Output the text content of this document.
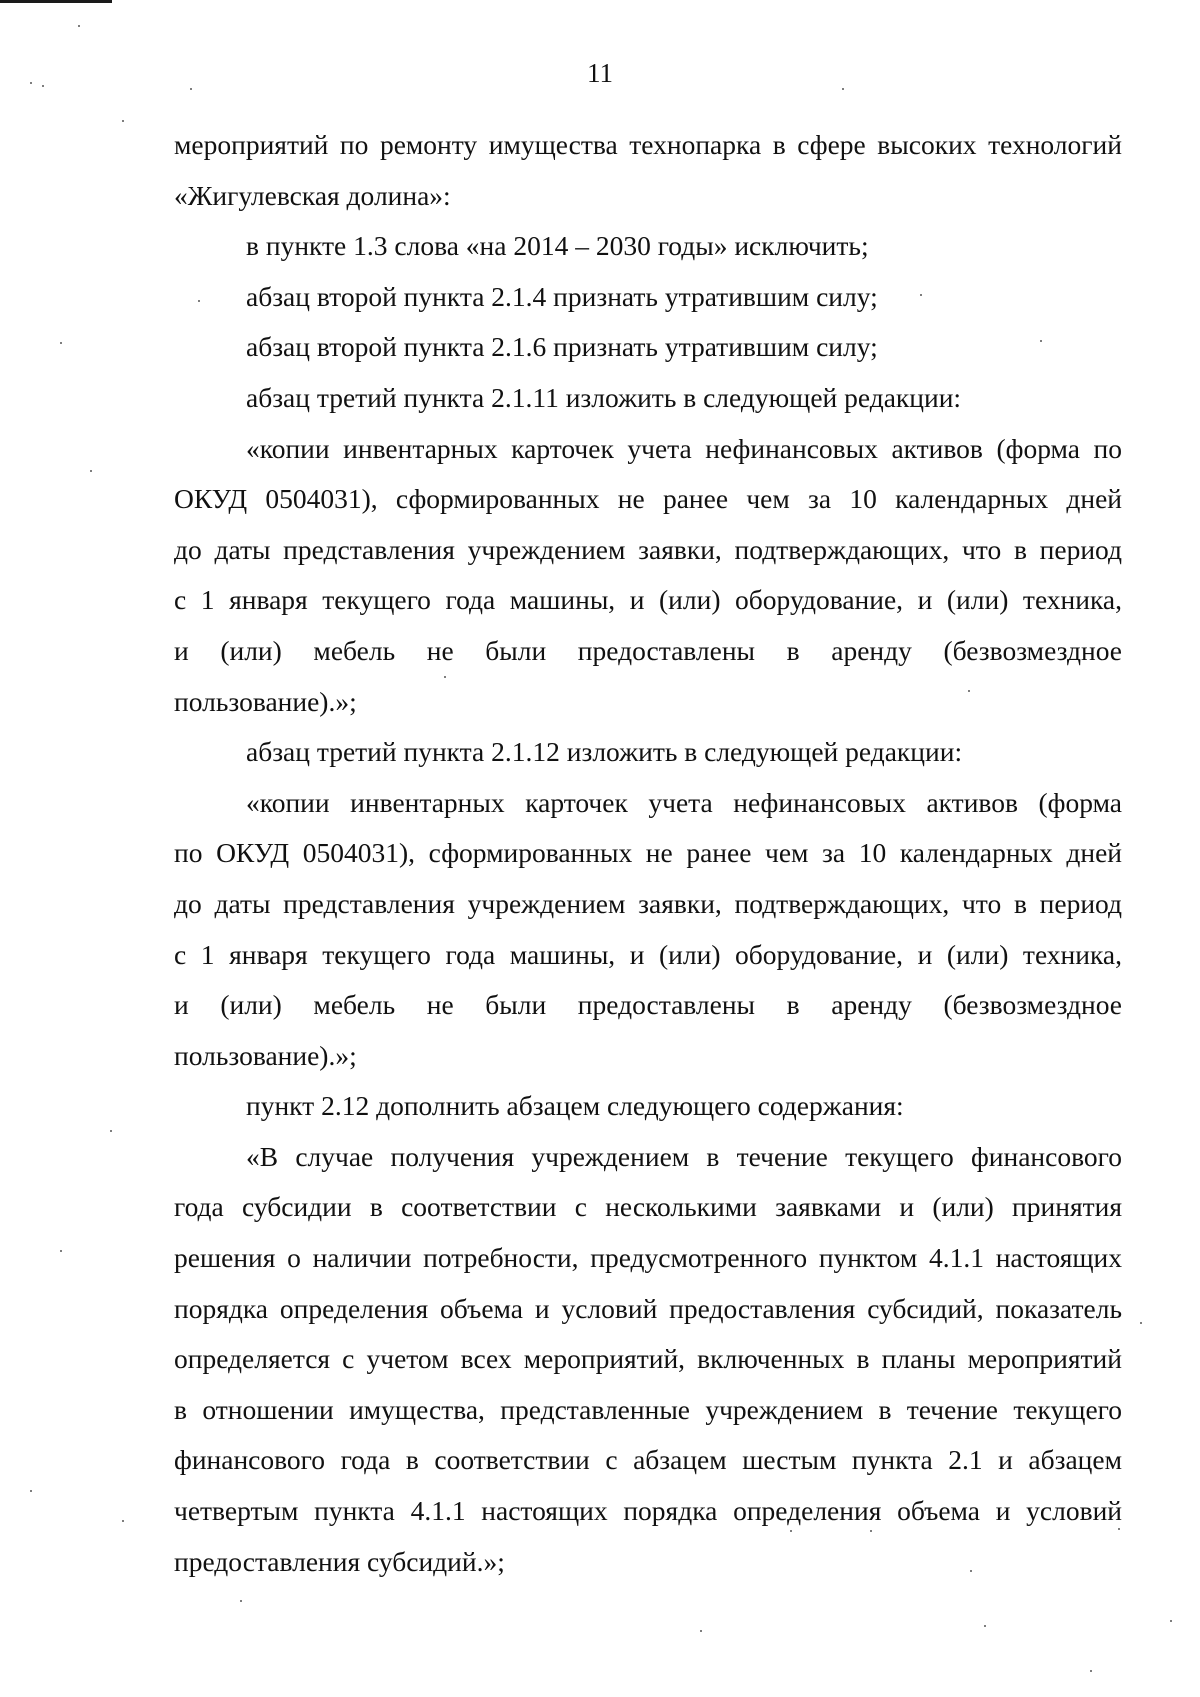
11
мероприятий по ремонту имущества технопарка в сфере высоких технологий
«Жигулевская долина»:
в пункте 1.3 слова «на 2014 – 2030 годы» исключить;
абзац второй пункта 2.1.4 признать утратившим силу;
абзац второй пункта 2.1.6 признать утратившим силу;
абзац третий пункта 2.1.11 изложить в следующей редакции:
«копии инвентарных карточек учета нефинансовых активов (форма по
ОКУД 0504031), сформированных не ранее чем за 10 календарных дней
до даты представления учреждением заявки, подтверждающих, что в период
с 1 января текущего года машины, и (или) оборудование, и (или) техника,
и (или) мебель не были предоставлены в аренду (безвозмездное
пользование).»;
абзац третий пункта 2.1.12 изложить в следующей редакции:
«копии инвентарных карточек учета нефинансовых активов (форма
по ОКУД 0504031), сформированных не ранее чем за 10 календарных дней
до даты представления учреждением заявки, подтверждающих, что в период
с 1 января текущего года машины, и (или) оборудование, и (или) техника,
и (или) мебель не были предоставлены в аренду (безвозмездное
пользование).»;
пункт 2.12 дополнить абзацем следующего содержания:
«В случае получения учреждением в течение текущего финансового
года субсидии в соответствии с несколькими заявками и (или) принятия
решения о наличии потребности, предусмотренного пунктом 4.1.1 настоящих
порядка определения объема и условий предоставления субсидий, показатель
определяется с учетом всех мероприятий, включенных в планы мероприятий
в отношении имущества, представленные учреждением в течение текущего
финансового года в соответствии с абзацем шестым пункта 2.1 и абзацем
четвертым пункта 4.1.1 настоящих порядка определения объема и условий
предоставления субсидий.»;
